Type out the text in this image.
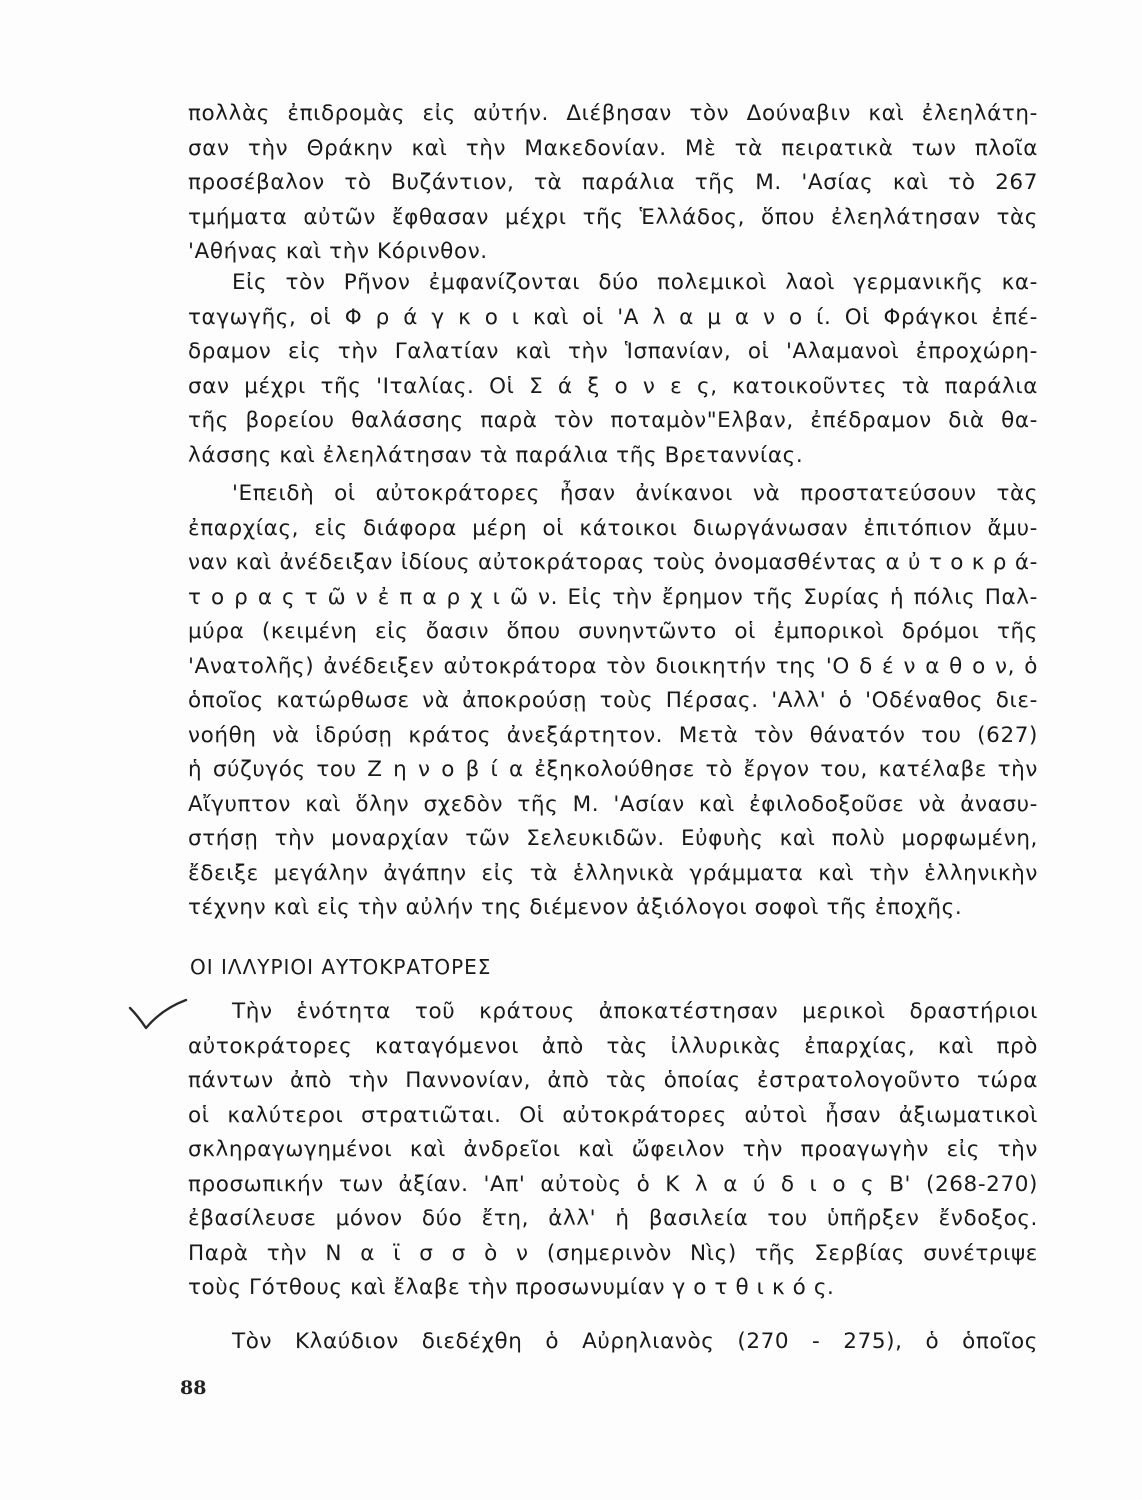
πολλὰς ἐπιδρομὰς εἰς αὐτήν. Διέβησαν τὸν Δούναβιν καὶ ἐλεηλάτη-
σαν τὴν Θράκην καὶ τὴν Μακεδονίαν. Μὲ τὰ πειρατικὰ των πλοῖα
προσέβαλον τὸ Βυζάντιον, τὰ παράλια τῆς Μ. 'Ασίας καὶ τὸ 267
τμήματα αὐτῶν ἔφθασαν μέχρι τῆς Ἑλλάδος, ὅπου ἐλεηλάτησαν τὰς
'Αθήνας καὶ τὴν Κόρινθον.
Εἰς τὸν Ρῆνον ἐμφανίζονται δύο πολεμικοὶ λαοὶ γερμανικῆς κα-
ταγωγῆς, οἱ Φ ρ ά γ κ ο ι καὶ οἱ 'Α λ α μ α ν ο ί. Οἱ Φράγκοι ἐπέ-
δραμον εἰς τὴν Γαλατίαν καὶ τὴν Ἱσπανίαν, οἱ 'Αλαμανοὶ ἐπροχώρη-
σαν μέχρι τῆς 'Ιταλίας. Οἱ Σ ά ξ ο ν ε ς, κατοικοῦντες τὰ παράλια
τῆς βορείου θαλάσσης παρὰ τὸν ποταμὸν"Ελβαν, ἐπέδραμον διὰ θα-
λάσσης καὶ ἐλεηλάτησαν τὰ παράλια τῆς Βρεταννίας.
'Επειδὴ οἱ αὐτοκράτορες ἦσαν ἀνίκανοι νὰ προστατεύσουν τὰς
ἐπαρχίας, εἰς διάφορα μέρη οἱ κάτοικοι διωργάνωσαν ἐπιτόπιον ἄμυ-
ναν καὶ ἀνέδειξαν ἰδίους αὐτοκράτορας τοὺς ὀνομασθέντας α ὐ τ ο κ ρ ά-
τ ο ρ α ς τ ῶ ν ἐ π α ρ χ ι ῶ ν. Εἰς τὴν ἔρημον τῆς Συρίας ἡ πόλις Παλ-
μύρα (κειμένη εἰς ὄασιν ὅπου συνηντῶντο οἱ ἐμπορικοὶ δρόμοι τῆς
'Ανατολῆς) ἀνέδειξεν αὐτοκράτορα τὸν διοικητήν της 'Ο δ έ ν α θ ο ν, ὁ
ὁποῖος κατώρθωσε νὰ ἀποκρούσῃ τοὺς Πέρσας. 'Αλλ' ὁ 'Οδέναθος διε-
νοήθη νὰ ἱδρύσῃ κράτος ἀνεξάρτητον. Μετὰ τὸν θάνατόν του (627)
ἡ σύζυγός του Ζ η ν ο β ί α ἐξηκολούθησε τὸ ἔργον του, κατέλαβε τὴν
Αἴγυπτον καὶ ὅλην σχεδὸν τῆς Μ. 'Ασίαν καὶ ἐφιλοδοξοῦσε νὰ ἀνασυ-
στήσῃ τὴν μοναρχίαν τῶν Σελευκιδῶν. Εὐφυὴς καὶ πολὺ μορφωμένη,
ἔδειξε μεγάλην ἀγάπην εἰς τὰ ἑλληνικὰ γράμματα καὶ τὴν ἑλληνικὴν
τέχνην καὶ εἰς τὴν αὐλήν της διέμενον ἀξιόλογοι σοφοὶ τῆς ἐποχῆς.
ΟΙ ΙΛΛΥΡΙΟΙ ΑΥΤΟΚΡΑΤΟΡΕΣ
Τὴν ἑνότητα τοῦ κράτους ἀποκατέστησαν μερικοὶ δραστήριοι
αὐτοκράτορες καταγόμενοι ἀπὸ τὰς ἰλλυρικὰς ἐπαρχίας, καὶ πρὸ
πάντων ἀπὸ τὴν Παννονίαν, ἀπὸ τὰς ὁποίας ἐστρατολογοῦντο τώρα
οἱ καλύτεροι στρατιῶται. Οἱ αὐτοκράτορες αὐτοὶ ἦσαν ἀξιωματικοὶ
σκληραγωγημένοι καὶ ἀνδρεῖοι καὶ ὤφειλον τὴν προαγωγὴν εἰς τὴν
προσωπικήν των ἀξίαν. 'Απ' αὐτοὺς ὁ Κ λ α ύ δ ι ο ς Β' (268-270)
ἐβασίλευσε μόνον δύο ἔτη, ἀλλ' ἡ βασιλεία του ὑπῆρξεν ἔνδοξος.
Παρὰ τὴν Ν α ϊ σ σ ὸ ν (σημερινὸν Νὶς) τῆς Σερβίας συνέτριψε
τοὺς Γότθους καὶ ἔλαβε τὴν προσωνυμίαν γ ο τ θ ι κ ό ς.
Τὸν Κλαύδιον διεδέχθη ὁ Αὐρηλιανὸς (270 - 275), ὁ ὁποῖος
88
